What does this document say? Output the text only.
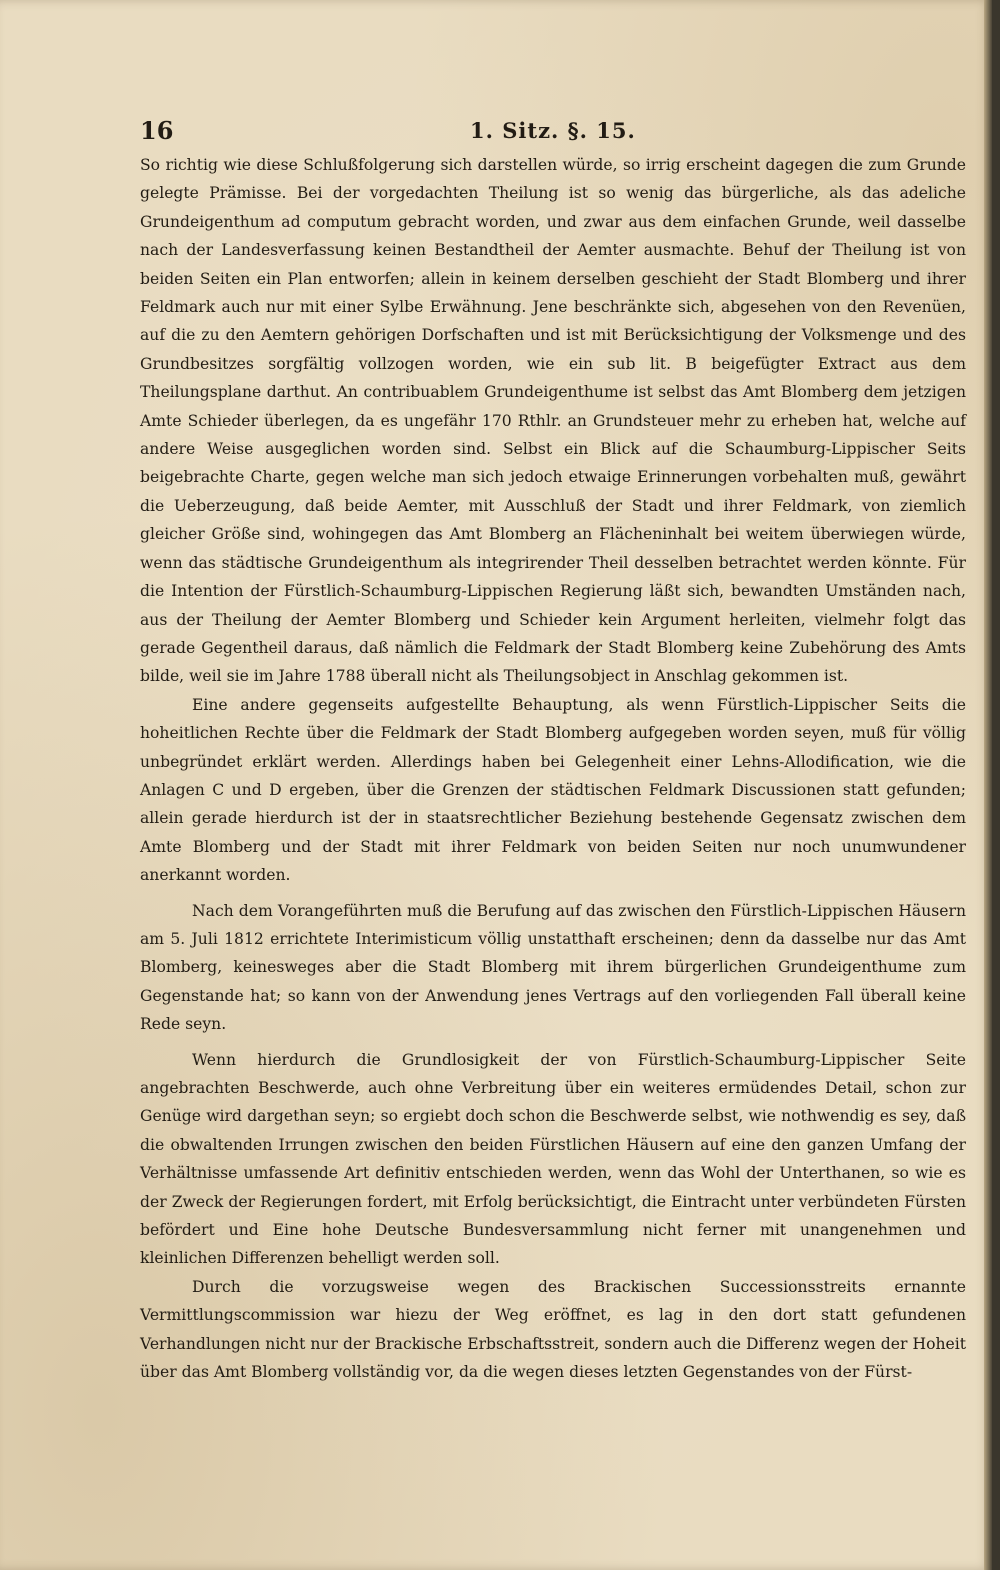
16	1. Sitz. §. 15.

So richtig wie diese Schlußfolgerung sich darstellen würde, so irrig erscheint dagegen die zum Grunde gelegte Prämisse. Bei der vorgedachten Theilung ist so wenig das bürgerliche, als das adeliche Grundeigenthum ad computum gebracht worden, und zwar aus dem einfachen Grunde, weil dasselbe nach der Landesverfassung keinen Bestandtheil der Aemter ausmachte. Behuf der Theilung ist von beiden Seiten ein Plan entworfen; allein in keinem derselben geschieht der Stadt Blomberg und ihrer Feldmark auch nur mit einer Sylbe Erwähnung. Jene beschränkte sich, abgesehen von den Revenüen, auf die zu den Aemtern gehörigen Dorfschaften und ist mit Berücksichtigung der Volksmenge und des Grundbesitzes sorgfältig vollzogen worden, wie ein sub lit. B beigefügter Extract aus dem Theilungsplane darthut. An contribuablem Grundeigenthume ist selbst das Amt Blomberg dem jetzigen Amte Schieder überlegen, da es ungefähr 170 Rthlr. an Grundsteuer mehr zu erheben hat, welche auf andere Weise ausgeglichen worden sind. Selbst ein Blick auf die Schaumburg-Lippischer Seits beigebrachte Charte, gegen welche man sich jedoch etwaige Erinnerungen vorbehalten muß, gewährt die Ueberzeugung, daß beide Aemter, mit Ausschluß der Stadt und ihrer Feldmark, von ziemlich gleicher Größe sind, wohingegen das Amt Blomberg an Flächeninhalt bei weitem überwiegen würde, wenn das städtische Grundeigenthum als integrirender Theil desselben betrachtet werden könnte. Für die Intention der Fürstlich-Schaumburg-Lippischen Regierung läßt sich, bewandten Umständen nach, aus der Theilung der Aemter Blomberg und Schieder kein Argument herleiten, vielmehr folgt das gerade Gegentheil daraus, daß nämlich die Feldmark der Stadt Blomberg keine Zubehörung des Amts bilde, weil sie im Jahre 1788 überall nicht als Theilungsobject in Anschlag gekommen ist.

Eine andere gegenseits aufgestellte Behauptung, als wenn Fürstlich-Lippischer Seits die hoheitlichen Rechte über die Feldmark der Stadt Blomberg aufgegeben worden seyen, muß für völlig unbegründet erklärt werden. Allerdings haben bei Gelegenheit einer Lehns-Allodification, wie die Anlagen C und D ergeben, über die Grenzen der städtischen Feldmark Discussionen statt gefunden; allein gerade hierdurch ist der in staatsrechtlicher Beziehung bestehende Gegensatz zwischen dem Amte Blomberg und der Stadt mit ihrer Feldmark von beiden Seiten nur noch unumwundener anerkannt worden.

Nach dem Vorangeführten muß die Berufung auf das zwischen den Fürstlich-Lippischen Häusern am 5. Juli 1812 errichtete Interimisticum völlig unstatthaft erscheinen; denn da dasselbe nur das Amt Blomberg, keinesweges aber die Stadt Blomberg mit ihrem bürgerlichen Grundeigenthume zum Gegenstande hat; so kann von der Anwendung jenes Vertrags auf den vorliegenden Fall überall keine Rede seyn.

Wenn hierdurch die Grundlosigkeit der von Fürstlich-Schaumburg-Lippischer Seite angebrachten Beschwerde, auch ohne Verbreitung über ein weiteres ermüdendes Detail, schon zur Genüge wird dargethan seyn; so ergiebt doch schon die Beschwerde selbst, wie nothwendig es sey, daß die obwaltenden Irrungen zwischen den beiden Fürstlichen Häusern auf eine den ganzen Umfang der Verhältnisse umfassende Art definitiv entschieden werden, wenn das Wohl der Unterthanen, so wie es der Zweck der Regierungen fordert, mit Erfolg berücksichtigt, die Eintracht unter verbündeten Fürsten befördert und Eine hohe Deutsche Bundesversammlung nicht ferner mit unangenehmen und kleinlichen Differenzen behelligt werden soll.

Durch die vorzugsweise wegen des Brackischen Successionsstreits ernannte Vermittlungscommission war hiezu der Weg eröffnet, es lag in den dort statt gefundenen Verhandlungen nicht nur der Brackische Erbschaftsstreit, sondern auch die Differenz wegen der Hoheit über das Amt Blomberg vollständig vor, da die wegen dieses letzten Gegenstandes von der Fürst-
